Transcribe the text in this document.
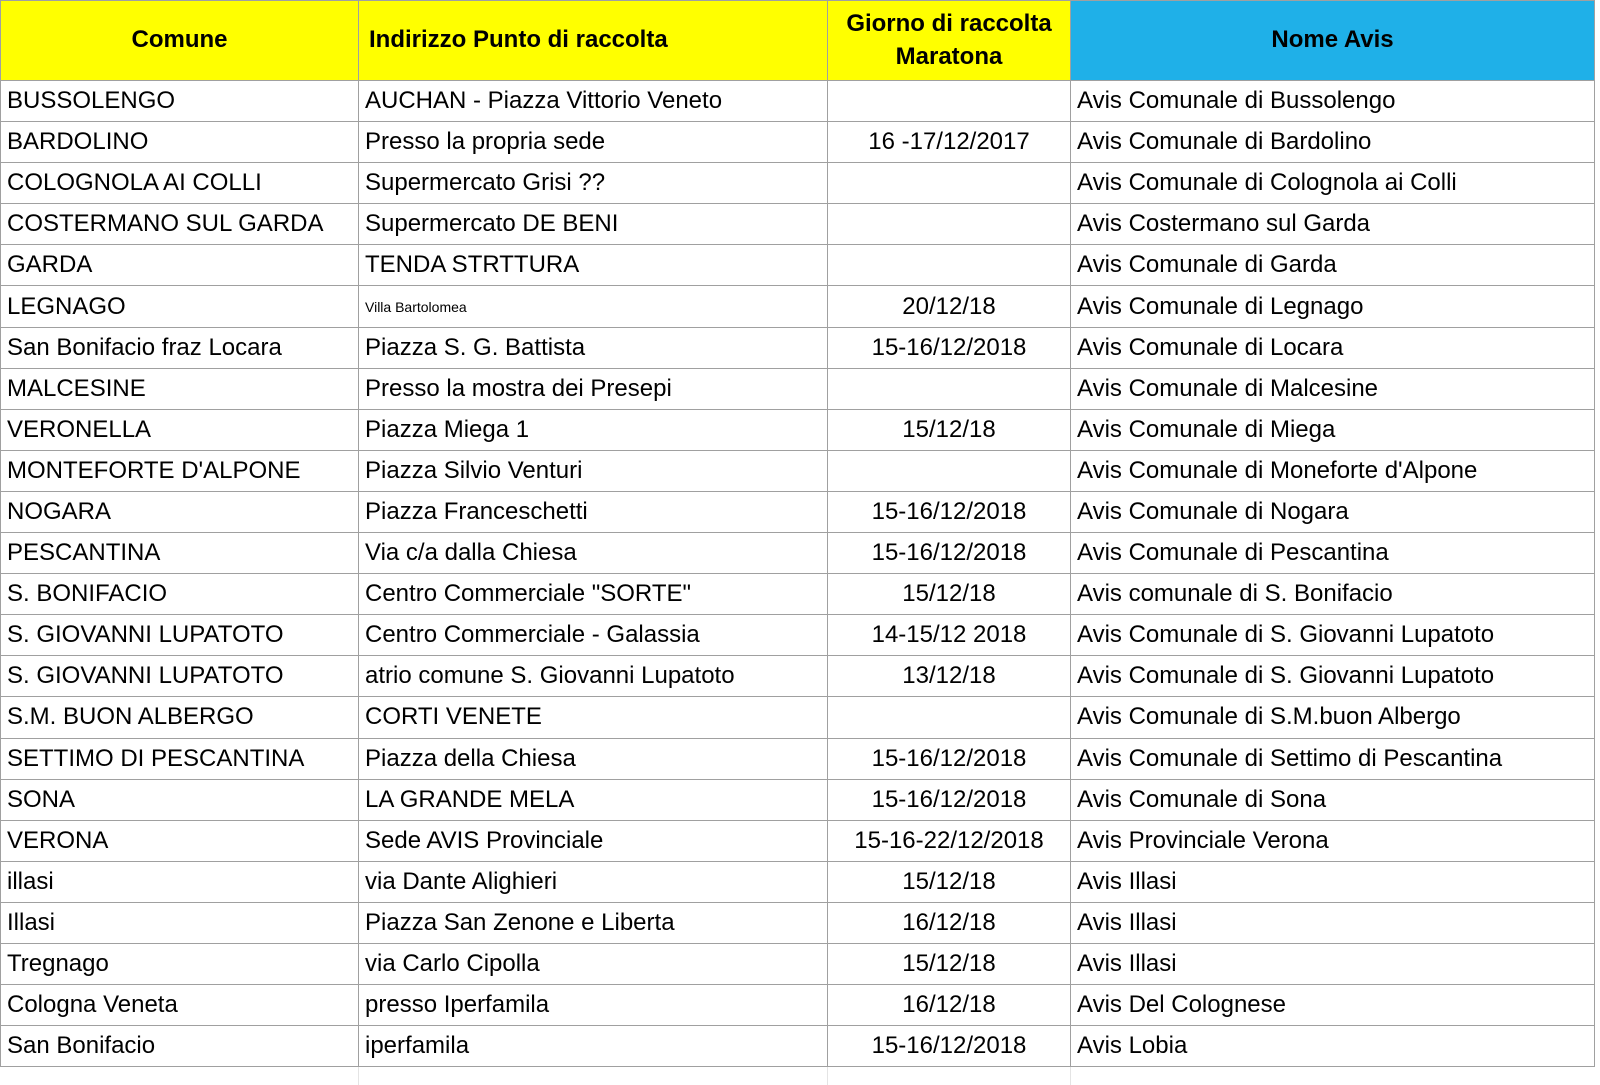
Comune	Indirizzo Punto di raccolta	Giorno di raccolta Maratona	Nome Avis
BUSSOLENGO	AUCHAN - Piazza Vittorio Veneto		Avis Comunale di Bussolengo
BARDOLINO	Presso la propria sede	16 -17/12/2017	Avis Comunale di Bardolino
COLOGNOLA AI COLLI	Supermercato Grisi ??		Avis Comunale di Colognola ai Colli
COSTERMANO SUL GARDA	Supermercato DE BENI		Avis Costermano sul Garda
GARDA	TENDA STRTTURA		Avis Comunale di Garda
LEGNAGO	Villa Bartolomea	20/12/18	Avis Comunale di Legnago
San Bonifacio fraz Locara	Piazza S. G. Battista	15-16/12/2018	Avis Comunale di Locara
MALCESINE	Presso la mostra dei Presepi		Avis Comunale di Malcesine
VERONELLA	Piazza Miega 1	15/12/18	Avis Comunale di Miega
MONTEFORTE D'ALPONE	Piazza Silvio Venturi		Avis Comunale di Moneforte d'Alpone
NOGARA	Piazza Franceschetti	15-16/12/2018	Avis Comunale di Nogara
PESCANTINA	Via c/a dalla Chiesa	15-16/12/2018	Avis Comunale di Pescantina
S. BONIFACIO	Centro Commerciale "SORTE"	15/12/18	Avis comunale di S. Bonifacio
S. GIOVANNI LUPATOTO	Centro Commerciale - Galassia	14-15/12 2018	Avis Comunale di S. Giovanni Lupatoto
S. GIOVANNI LUPATOTO	atrio comune S. Giovanni Lupatoto	13/12/18	Avis Comunale di S. Giovanni Lupatoto
S.M. BUON ALBERGO	CORTI VENETE		Avis Comunale di S.M.buon Albergo
SETTIMO DI PESCANTINA	Piazza della Chiesa	15-16/12/2018	Avis Comunale di Settimo di Pescantina
SONA	LA GRANDE MELA	15-16/12/2018	Avis Comunale di Sona
VERONA	Sede AVIS Provinciale	15-16-22/12/2018	Avis Provinciale Verona
illasi	via Dante Alighieri	15/12/18	Avis Illasi
Illasi	Piazza San Zenone e Liberta	16/12/18	Avis Illasi
Tregnago	via Carlo Cipolla	15/12/18	Avis Illasi
Cologna Veneta	presso Iperfamila	16/12/18	Avis Del Colognese
San Bonifacio	iperfamila	15-16/12/2018	Avis Lobia
